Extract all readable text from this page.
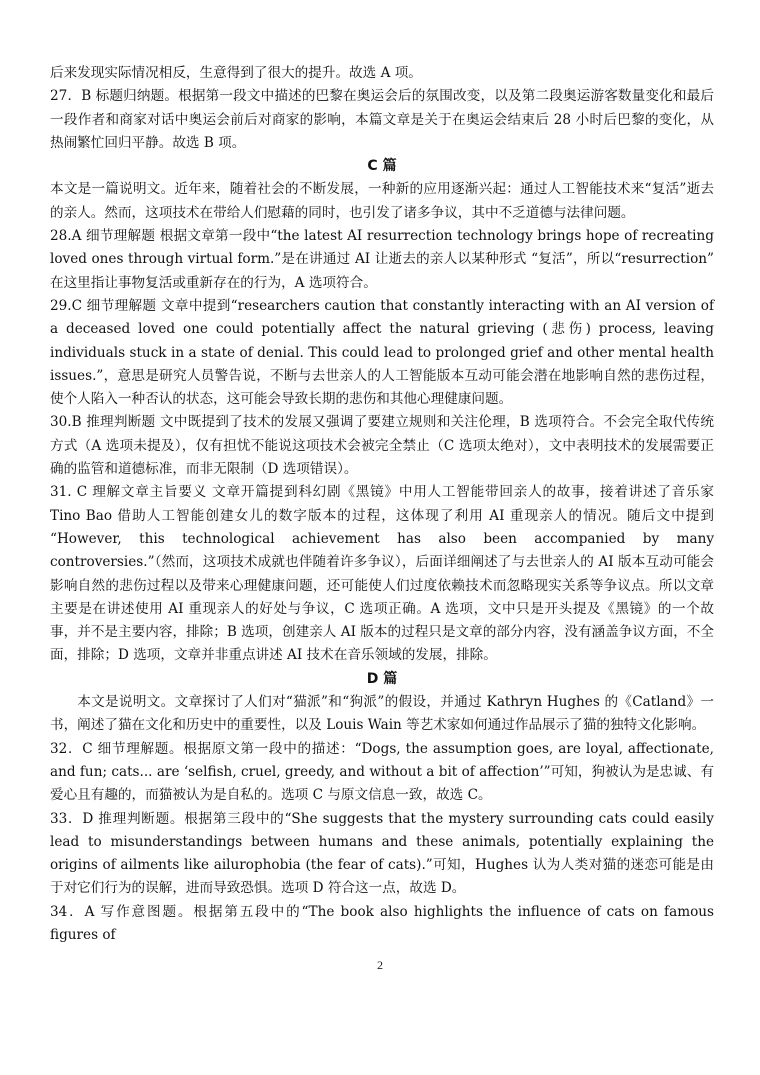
后来发现实际情况相反，生意得到了很大的提升。故选 A 项。

27．B 标题归纳题。根据第一段文中描述的巴黎在奥运会后的氛围改变，以及第二段奥运游客数量变化和最后一段作者和商家对话中奥运会前后对商家的影响，本篇文章是关于在奥运会结束后 28 小时后巴黎的变化，从热闹繁忙回归平静。故选 B 项。

C 篇

本文是一篇说明文。近年来，随着社会的不断发展，一种新的应用逐渐兴起：通过人工智能技术来“复活”逝去的亲人。然而，这项技术在带给人们慰藉的同时，也引发了诸多争议，其中不乏道德与法律问题。

28.A 细节理解题 根据文章第一段中“the latest AI resurrection technology brings hope of recreating loved ones through virtual form.”是在讲通过 AI 让逝去的亲人以某种形式 “复活”，所以“resurrection” 在这里指让事物复活或重新存在的行为，A 选项符合。

29.C 细节理解题 文章中提到“researchers caution that constantly interacting with an AI version of a deceased loved one could potentially affect the natural grieving (悲伤) process, leaving individuals stuck in a state of denial. This could lead to prolonged grief and other mental health issues.”，意思是研究人员警告说，不断与去世亲人的人工智能版本互动可能会潜在地影响自然的悲伤过程，使个人陷入一种否认的状态，这可能会导致长期的悲伤和其他心理健康问题。

30.B 推理判断题 文中既提到了技术的发展又强调了要建立规则和关注伦理，B 选项符合。不会完全取代传统方式（A 选项未提及），仅有担忧不能说这项技术会被完全禁止（C 选项太绝对），文中表明技术的发展需要正确的监管和道德标准，而非无限制（D 选项错误）。

31. C 理解文章主旨要义 文章开篇提到科幻剧《黑镜》中用人工智能带回亲人的故事，接着讲述了音乐家 Tino Bao 借助人工智能创建女儿的数字版本的过程，这体现了利用 AI 重现亲人的情况。随后文中提到 “However, this technological achievement has also been accompanied by many controversies.”（然而，这项技术成就也伴随着许多争议），后面详细阐述了与去世亲人的 AI 版本互动可能会影响自然的悲伤过程以及带来心理健康问题，还可能使人们过度依赖技术而忽略现实关系等争议点。所以文章主要是在讲述使用 AI 重现亲人的好处与争议，C 选项正确。A 选项，文中只是开头提及《黑镜》的一个故事，并不是主要内容，排除；B 选项，创建亲人 AI 版本的过程只是文章的部分内容，没有涵盖争议方面，不全面，排除；D 选项，文章并非重点讲述 AI 技术在音乐领域的发展，排除。

D 篇

本文是说明文。文章探讨了人们对“猫派”和“狗派”的假设，并通过 Kathryn Hughes 的《Catland》一书，阐述了猫在文化和历史中的重要性，以及 Louis Wain 等艺术家如何通过作品展示了猫的独特文化影响。

32．C 细节理解题。根据原文第一段中的描述：“Dogs, the assumption goes, are loyal, affectionate, and fun; cats... are ‘selfish, cruel, greedy, and without a bit of affection’”可知，狗被认为是忠诚、有爱心且有趣的，而猫被认为是自私的。选项 C 与原文信息一致，故选 C。

33．D 推理判断题。根据第三段中的“She suggests that the mystery surrounding cats could easily lead to misunderstandings between humans and these animals, potentially explaining the origins of ailments like ailurophobia (the fear of cats).”可知，Hughes 认为人类对猫的迷恋可能是由于对它们行为的误解，进而导致恐惧。选项 D 符合这一点，故选 D。

34．A 写作意图题。根据第五段中的“The book also highlights the influence of cats on famous figures of

2
